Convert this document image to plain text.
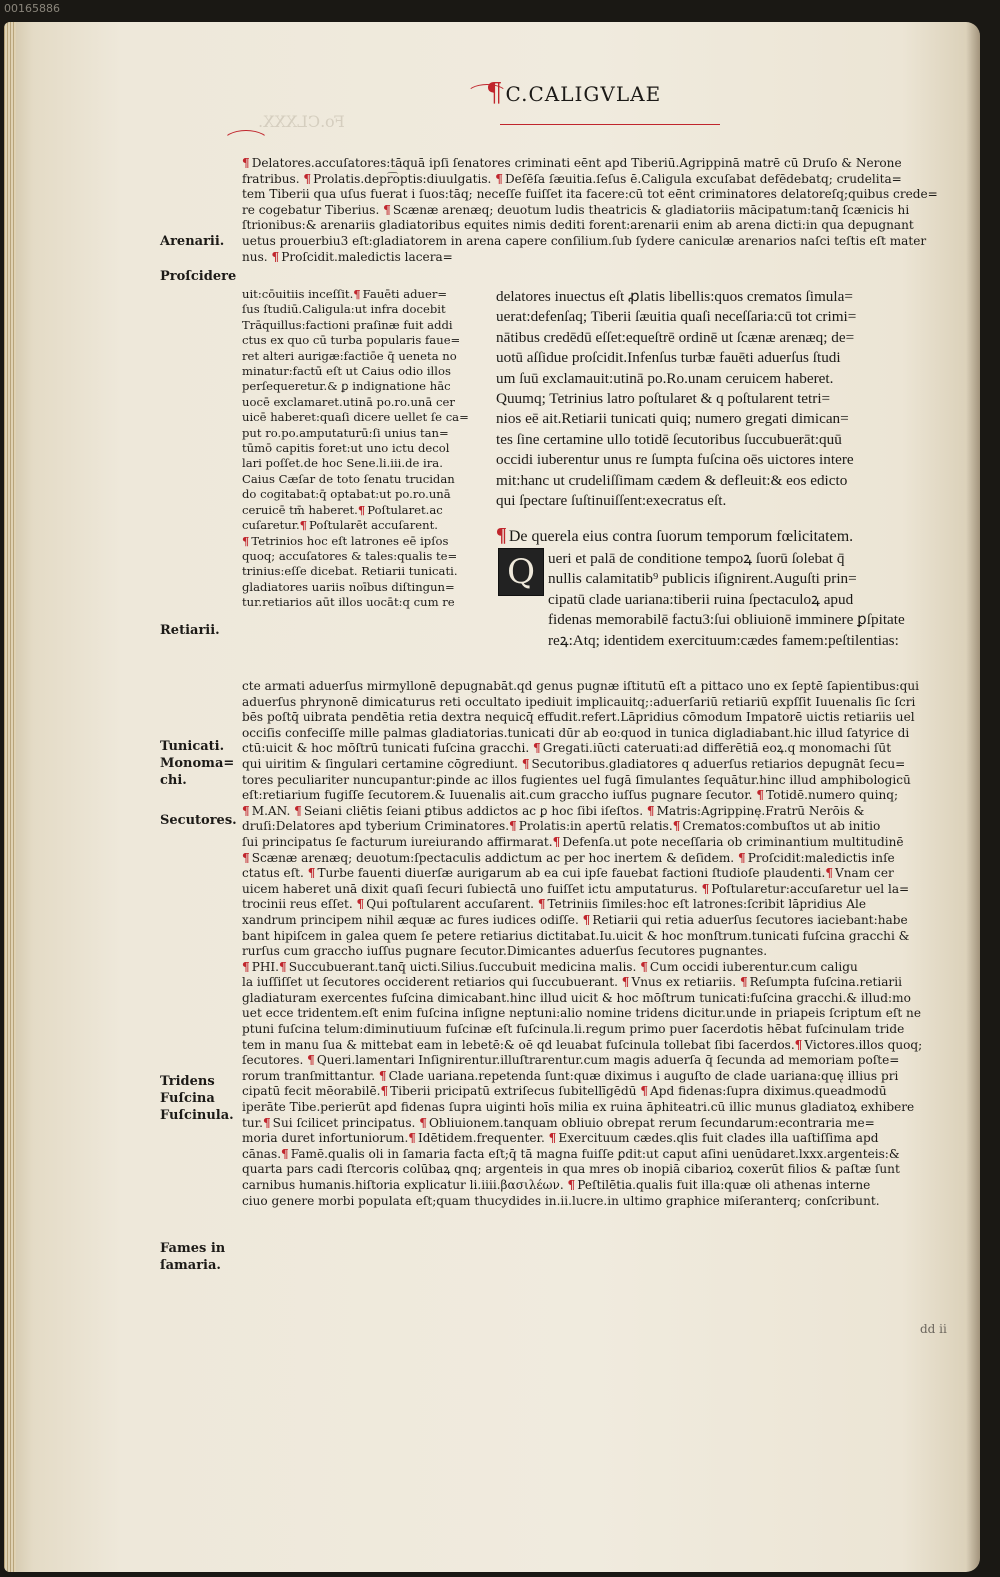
00165886
Fo.CLXXX.
¶ C.CALIGVLAE
Arenarii.
Proſcidere
Retiarii.
Tunicati.
Monoma=
chi.
Secutores.
Tridens
Fuſcina
Fuſcinula.
Fames in
ſamaria.
¶ Delatores.accuſatores:tāquā ipſi ſenatores criminati eēnt apd Tiberiū.Agrippinā matrē cū Druſo & Nerone
fratribus. ¶ Prolatis.depr͡optis:diuulgatis. ¶ Deſēſa ſæuitia.ſeſus ē.Caligula excuſabat defēdebatq; crudelita=
tem Tiberii qua uſus fuerat i ſuos:tāq; neceſſe fuiſſet ita facere:cū tot eēnt criminatores delatoreſq;quibus crede=
re cogebatur Tiberius. ¶ Scænæ arenæq; deuotum ludis theatricis & gladiatoriis mācipatum:tanq̄ ſcænicis hi
ſtrionibus:& arenariis gladiatoribus equites nimis dediti forent:arenarii enim ab arena dicti:in qua depugnant
uetus prouerbiu3 eſt:gladiatorem in arena capere conſilium.ſub ſydere caniculæ arenarios naſci teſtis eſt mater
nus. ¶ Proſcidit.maledictis lacera=
uit:cōuitiis inceſſit.¶ Fauēti aduer=
ſus ſtudiū.Caligula:ut infra docebit
Trāquillus:factioni praſinæ fuit addi
ctus ex quo cū turba popularis faue=
ret alteri aurigæ:factiōe q̄ ueneta no
minatur:factū eſt ut Caius odio illos
perſequeretur.& ꝑ indignatione hāc
uocē exclamaret.utinā po.ro.unā cer
uicē haberet:quaſi dicere uellet ſe ca=
put ro.po.amputaturū:ſi unius tan=
tūmō capitis foret:ut uno ictu decol
lari poſſet.de hoc Sene.li.iii.de ira.
Caius Cæſar de toto ſenatu trucidan
do cogitabat:q̄ optabat:ut po.ro.unā
ceruicē tm̄ haberet.¶ Poſtularet.ac
cuſaretur.¶ Poſtularēt accuſarent.
¶ Tetrinios hoc eſt latrones eē ipſos
quoq; accuſatores & tales:qualis te=
trinius:eſſe dicebat. Retiarii tunicati.
gladiatores uariis noībus diſtingun=
tur.retiarios aūt illos uocāt:q cum re
delatores inuectus eſt ꝓlatis libellis:quos crematos ſimula=
uerat:defenſaq; Tiberii ſæuitia quaſi neceſſaria:cū tot crimi=
nātibus credēdū eſſet:equeſtrē ordinē ut ſcænæ arenæq; de=
uotū aſſidue proſcidit.Infenſus turbæ fauēti aduerſus ſtudi
um ſuū exclamauit:utinā po.Ro.unam ceruicem haberet.
Quumq; Tetrinius latro poſtularet & q poſtularent tetri=
nios eē ait.Retiarii tunicati quiq; numero gregati dimican=
tes ſine certamine ullo totidē ſecutoribus ſuccubuerāt:quū
occidi iuberentur unus re ſumpta fuſcina oēs uictores intere
mit:hanc ut crudeliſſimam cædem & defleuit:& eos edicto
qui ſpectare ſuſtinuiſſent:execratus eſt.
¶ De querela eius contra ſuorum temporum fœlicitatem.
Q ueri et palā de conditione tempoꝝ ſuorū ſolebat q̄
nullis calamitatib⁹ publicis iſignirent.Auguſti prin=
cipatū clade uariana:tiberii ruina ſpectaculoꝝ apud
fidenas memorabilē factu3:ſui obliuionē imminere ꝑſpitate
reꝝ:Atq; identidem exercituum:cædes famem:peſtilentias:
cte armati aduerſus mirmyllonē depugnabāt.qd genus pugnæ iſtitutū eſt a pittaco uno ex ſeptē ſapientibus:qui
aduerſus phrynonē dimicaturus reti occultato ipediuit implicauitq;:aduerſariū retiariū expſſit Iuuenalis ſic ſcri
bēs poſtq̄ uibrata pendētia retia dextra nequicq̄ effudit.refert.Lāpridius cōmodum Impatorē uictis retiariis uel
occiſis confeciſſe mille palmas gladiatorias.tunicati dūr ab eo:quod in tunica digladiabant.hic illud ſatyrice di
ctū:uicit & hoc mōſtrū tunicati fuſcina gracchi. ¶ Gregati.iūcti cateruati:ad differētiā eoꝝ.q monomachi ſūt
qui uiritim & ſingulari certamine cōgrediunt. ¶ Secutoribus.gladiatores q aduerſus retiarios depugnāt ſecu=
tores peculiariter nuncupantur:ꝑinde ac illos fugientes uel fugā ſimulantes ſequātur.hinc illud amphibologicū
eſt:retiarium fugiſſe ſecutorem.& Iuuenalis ait.cum graccho iuſſus pugnare ſecutor. ¶ Totidē.numero quinq;
¶ M.AN. ¶ Seiani cliētis ſeiani ꝑtibus addictos ac ꝑ hoc ſibi iſeſtos. ¶ Matris:Agrippinę.Fratrū Nerōis &
druſi:Delatores apd tyberium Criminatores.¶ Prolatis:in apertū relatis.¶ Crematos:combuſtos ut ab initio
ſui principatus ſe facturum iureiurando affirmarat.¶ Defenſa.ut pote neceſſaria ob criminantium multitudinē
¶ Scænæ arenæq; deuotum:ſpectaculis addictum ac per hoc inertem & deſidem. ¶ Proſcidit:maledictis inſe
ctatus eſt. ¶ Turbe fauenti diuerſæ aurigarum ab ea cui ipſe fauebat factioni ſtudioſe plaudenti.¶ Vnam cer
uicem haberet unā dixit quaſi ſecuri ſubiectā uno fuiſſet ictu amputaturus. ¶ Poſtularetur:accuſaretur uel la=
trocinii reus eſſet. ¶ Qui poſtularent accuſarent. ¶ Tetriniis ſimiles:hoc eſt latrones:ſcribit lāpridius Ale
xandrum principem nihil æquæ ac fures iudices odiſſe. ¶ Retiarii qui retia aduerſus ſecutores iaciebant:habe
bant hipiſcem in galea quem ſe petere retiarius dictitabat.Iu.uicit & hoc monſtrum.tunicati fuſcina gracchi &
rurſus cum graccho iuſſus pugnare ſecutor.Dimicantes aduerſus ſecutores pugnantes.
¶ PHI.¶ Succubuerant.tanq̄ uicti.Silius.ſuccubuit medicina malis. ¶ Cum occidi iuberentur.cum caligu
la iuſſiſſet ut ſecutores occiderent retiarios qui ſuccubuerant. ¶ Vnus ex retiariis. ¶ Reſumpta fuſcina.retiarii
gladiaturam exercentes fuſcina dimicabant.hinc illud uicit & hoc mōſtrum tunicati:fuſcina gracchi.& illud:mo
uet ecce tridentem.eſt enim fuſcina inſigne neptuni:alio nomine tridens dicitur.unde in priapeis ſcriptum eſt ne
ptuni fuſcina telum:diminutiuum fuſcinæ eſt fuſcinula.li.regum primo puer ſacerdotis hēbat fuſcinulam tride
tem in manu ſua & mittebat eam in lebetē:& oē qd leuabat fuſcinula tollebat ſibi ſacerdos.¶ Victores.illos quoq;
ſecutores. ¶ Queri.lamentari Inſignirentur.illuſtrarentur.cum magis aduerſa q̄ ſecunda ad memoriam poſte=
rorum tranſmittantur. ¶ Clade uariana.repetenda ſunt:quæ diximus i auguſto de clade uariana:quę illius pri
cipatū fecit mēorabilē.¶ Tiberii pricipatū extriſecus ſubitellīgēdū ¶ Apd fidenas:ſupra diximus.queadmodū
iperāte Tibe.perierūt apd fidenas ſupra uiginti hoīs milia ex ruina āphiteatri.cū illic munus gladiatoꝝ exhibere
tur.¶ Sui ſcilicet principatus. ¶ Obliuionem.tanquam obliuio obrepat rerum ſecundarum:econtraria me=
moria duret infortuniorum.¶ Idētidem.frequenter. ¶ Exercituum cædes.qlis fuit clades illa uaſtiſſima apd
cānas.¶ Famē.qualis oli in ſamaria facta eſt;q̄ tā magna fuiſſe ꝑdit:ut caput aſini uenūdaret.lxxx.argenteis:&
quarta pars cadi ſtercoris colūbaꝝ qnq; argenteis in qua mres ob inopiā cibarioꝝ coxerūt filios & paſtæ ſunt
carnibus humanis.hiſtoria explicatur li.iiii.βασιλέων. ¶ Peſtilētia.qualis fuit illa:quæ oli athenas interne
ciuo genere morbi populata eſt;quam thucydides in.ii.lucre.in ultimo graphice miſeranterq; conſcribunt.
dd ii
